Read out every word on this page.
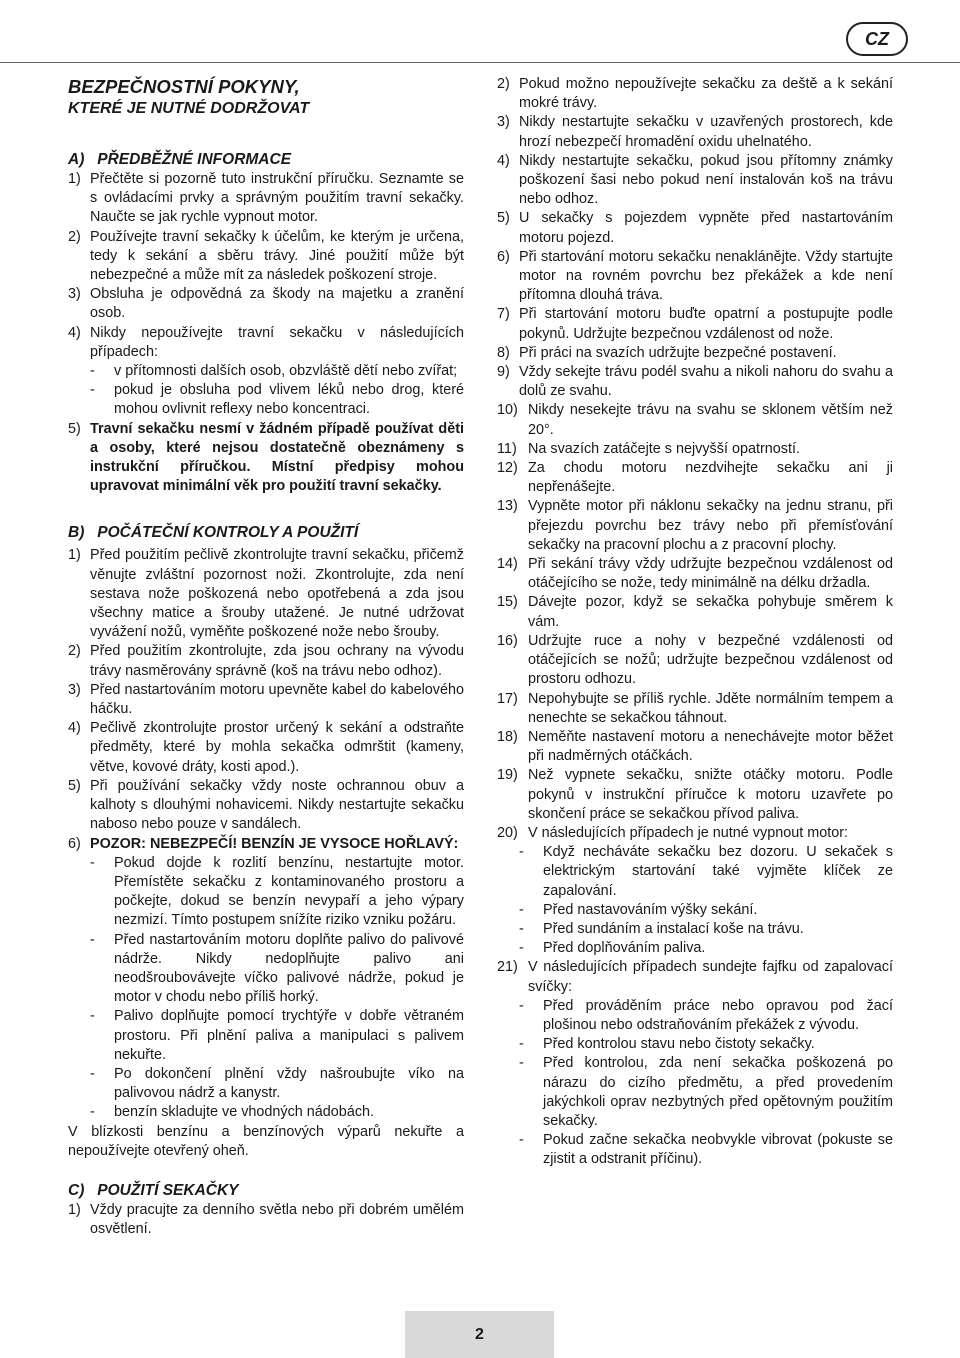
CZ
BEZPEČNOSTNÍ POKYNY,
KTERÉ JE NUTNÉ DODRŽOVAT
A)   PŘEDBĚŽNÉ INFORMACE
1) Přečtěte si pozorně tuto instrukční příručku. Seznamte se s ovládacími prvky a správným použitím travní sekačky. Naučte se jak rychle vypnout motor.
2) Používejte travní sekačky k účelům, ke kterým je určena, tedy k sekání a sběru trávy. Jiné použití může být nebezpečné a může mít za následek poškození stroje.
3) Obsluha je odpovědná za škody na majetku a zranění osob.
4) Nikdy nepoužívejte travní sekačku v následujících případech:
-	v přítomnosti dalších osob, obzvláště dětí nebo zvířat;
-	pokud je obsluha pod vlivem léků nebo drog, které mohou ovlivnit reflexy nebo koncentraci.
5) Travní sekačku nesmí v žádném případě používat děti a osoby, které nejsou dostatečně obeznámeny s instrukční příručkou. Místní předpisy mohou upravovat minimální věk pro použití travní sekačky.
B)   POČÁTEČNÍ KONTROLY A POUŽITÍ
1) Před použitím pečlivě zkontrolujte travní sekačku, přičemž věnujte zvláštní pozornost noži. Zkontrolujte, zda není sestava nože poškozená nebo opotřebená a zda jsou všechny matice a šrouby utažené. Je nutné udržovat vyvážení nožů, vyměňte poškozené nože nebo šrouby.
2) Před použitím zkontrolujte, zda jsou ochrany na vývodu trávy nasměrovány správně (koš na trávu nebo odhoz).
3) Před nastartováním motoru upevněte kabel do kabelového háčku.
4) Pečlivě zkontrolujte prostor určený k sekání a odstraňte předměty, které by mohla sekačka odmrštit (kameny, větve, kovové dráty, kosti apod.).
5) Při používání sekačky vždy noste ochrannou obuv a kalhoty s dlouhými nohavicemi. Nikdy nestartujte sekačku naboso nebo pouze v sandálech.
6) POZOR: NEBEZPEČÍ! BENZÍN JE VYSOCE HOŘLAVÝ:
-	Pokud dojde k rozlití benzínu, nestartujte motor. Přemístěte sekačku z kontaminovaného prostoru a počkejte, dokud se benzín nevypaří a jeho výpary nezmizí. Tímto postupem snížíte riziko vzniku požáru.
-	Před nastartováním motoru doplňte palivo do palivové nádrže. Nikdy nedoplňujte palivo ani neodšroubovávejte víčko palivové nádrže, pokud je motor v chodu nebo příliš horký.
-	Palivo doplňujte pomocí trychtýře v dobře větraném prostoru. Při plnění paliva a manipulaci s palivem nekuřte.
-	Po dokončení plnění vždy našroubujte víko na palivovou nádrž a kanystr.
-	benzín skladujte ve vhodných nádobách.
V blízkosti benzínu a benzínových výparů nekuřte a nepoužívejte otevřený oheň.
C)   POUŽITÍ SEKAČKY
1) Vždy pracujte za denního světla nebo při dobrém umělém osvětlení.
2) Pokud možno nepoužívejte sekačku za deště a k sekání mokré trávy.
3) Nikdy nestartujte sekačku v uzavřených prostorech, kde hrozí nebezpečí hromadění oxidu uhelnatého.
4) Nikdy nestartujte sekačku, pokud jsou přítomny známky poškození šasi nebo pokud není instalován koš na trávu nebo odhoz.
5) U sekačky s pojezdem vypněte před nastartováním motoru pojezd.
6) Při startování motoru sekačku nenaklánějte. Vždy startujte motor na rovném povrchu bez překážek a kde není přítomna dlouhá tráva.
7) Při startování motoru buďte opatrní a postupujte podle pokynů. Udržujte bezpečnou vzdálenost od nože.
8) Při práci na svazích udržujte bezpečné postavení.
9) Vždy sekejte trávu podél svahu a nikoli nahoru do svahu a dolů ze svahu.
10) Nikdy nesekejte trávu na svahu se sklonem větším než 20°.
11) Na svazích zatáčejte s nejvyšší opatrností.
12) Za chodu motoru nezdvihejte sekačku ani ji nepřenášejte.
13) Vypněte motor při náklonu sekačky na jednu stranu, při přejezdu povrchu bez trávy nebo při přemísťování sekačky na pracovní plochu a z pracovní plochy.
14) Při sekání trávy vždy udržujte bezpečnou vzdálenost od otáčejícího se nože, tedy minimálně na délku držadla.
15) Dávejte pozor, když se sekačka pohybuje směrem k vám.
16) Udržujte ruce a nohy v bezpečné vzdálenosti od otáčejících se nožů; udržujte bezpečnou vzdálenost od prostoru odhozu.
17) Nepohybujte se příliš rychle. Jděte normálním tempem a nenechte se sekačkou táhnout.
18) Neměňte nastavení motoru a nenechávejte motor běžet při nadměrných otáčkách.
19) Než vypnete sekačku, snižte otáčky motoru. Podle pokynů v instrukční příručce k motoru uzavřete po skončení práce se sekačkou přívod paliva.
20) V následujících případech je nutné vypnout motor:
-	Když necháváte sekačku bez dozoru. U sekaček s elektrickým startování také vyjměte klíček ze zapalování.
-	Před nastavováním výšky sekání.
-	Před sundáním a instalací koše na trávu.
-	Před doplňováním paliva.
21) V následujících případech sundejte fajfku od zapalovací svíčky:
-	Před prováděním práce nebo opravou pod žací plošinou nebo odstraňováním překážek z vývodu.
-	Před kontrolou stavu nebo čistoty sekačky.
-	Před kontrolou, zda není sekačka poškozená po nárazu do cizího předmětu, a před provedením jakýchkoli oprav nezbytných před opětovným použitím sekačky.
-	Pokud začne sekačka neobvykle vibrovat (pokuste se zjistit a odstranit příčinu).
2
